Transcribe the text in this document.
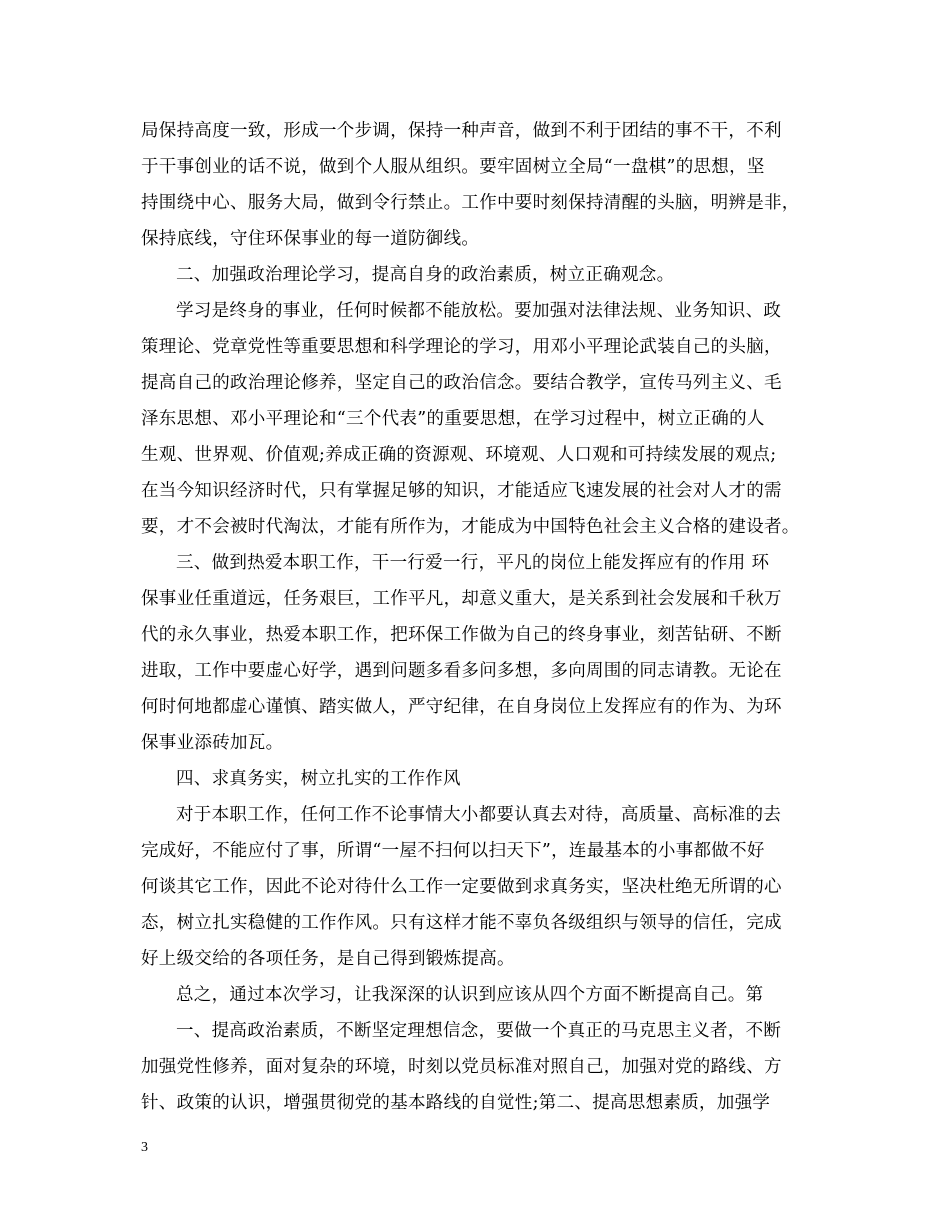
局保持高度一致，形成一个步调，保持一种声音，做到不利于团结的事不干，不利
于干事创业的话不说，做到个人服从组织。要牢固树立全局“一盘棋”的思想，坚
持围绕中心、服务大局，做到令行禁止。工作中要时刻保持清醒的头脑，明辨是非，
保持底线，守住环保事业的每一道防御线。
二、加强政治理论学习，提高自身的政治素质，树立正确观念。
学习是终身的事业，任何时候都不能放松。要加强对法律法规、业务知识、政
策理论、党章党性等重要思想和科学理论的学习，用邓小平理论武装自己的头脑，
提高自己的政治理论修养，坚定自己的政治信念。要结合教学，宣传马列主义、毛
泽东思想、邓小平理论和“三个代表”的重要思想，在学习过程中，树立正确的人
生观、世界观、价值观;养成正确的资源观、环境观、人口观和可持续发展的观点;
在当今知识经济时代，只有掌握足够的知识，才能适应飞速发展的社会对人才的需
要，才不会被时代淘汰，才能有所作为，才能成为中国特色社会主义合格的建设者。
三、做到热爱本职工作，干一行爱一行，平凡的岗位上能发挥应有的作用 环
保事业任重道远，任务艰巨，工作平凡，却意义重大，是关系到社会发展和千秋万
代的永久事业，热爱本职工作，把环保工作做为自己的终身事业，刻苦钻研、不断
进取，工作中要虚心好学，遇到问题多看多问多想，多向周围的同志请教。无论在
何时何地都虚心谨慎、踏实做人，严守纪律，在自身岗位上发挥应有的作为、为环
保事业添砖加瓦。
四、求真务实，树立扎实的工作作风
对于本职工作，任何工作不论事情大小都要认真去对待，高质量、高标准的去
完成好，不能应付了事，所谓“一屋不扫何以扫天下”，连最基本的小事都做不好
何谈其它工作，因此不论对待什么工作一定要做到求真务实，坚决杜绝无所谓的心
态，树立扎实稳健的工作作风。只有这样才能不辜负各级组织与领导的信任，完成
好上级交给的各项任务，是自己得到锻炼提高。
总之，通过本次学习，让我深深的认识到应该从四个方面不断提高自己。第
一、提高政治素质，不断坚定理想信念，要做一个真正的马克思主义者，不断
加强党性修养，面对复杂的环境，时刻以党员标准对照自己，加强对党的路线、方
针、政策的认识，增强贯彻党的基本路线的自觉性;第二、提高思想素质，加强学
3
